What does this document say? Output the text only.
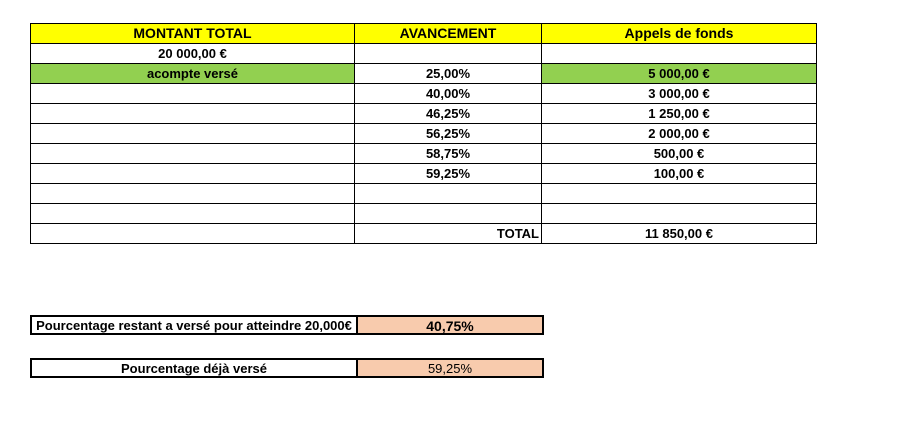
MONTANT TOTAL	AVANCEMENT	Appels de fonds
20 000,00 €		
acompte versé	25,00%	5 000,00 €
	40,00%	3 000,00 €
	46,25%	1 250,00 €
	56,25%	2 000,00 €
	58,75%	500,00 €
	59,25%	100,00 €

	TOTAL	11 850,00 €
Pourcentage restant a versé pour atteindre 20,000€	40,75%
Pourcentage déjà versé	59,25%
